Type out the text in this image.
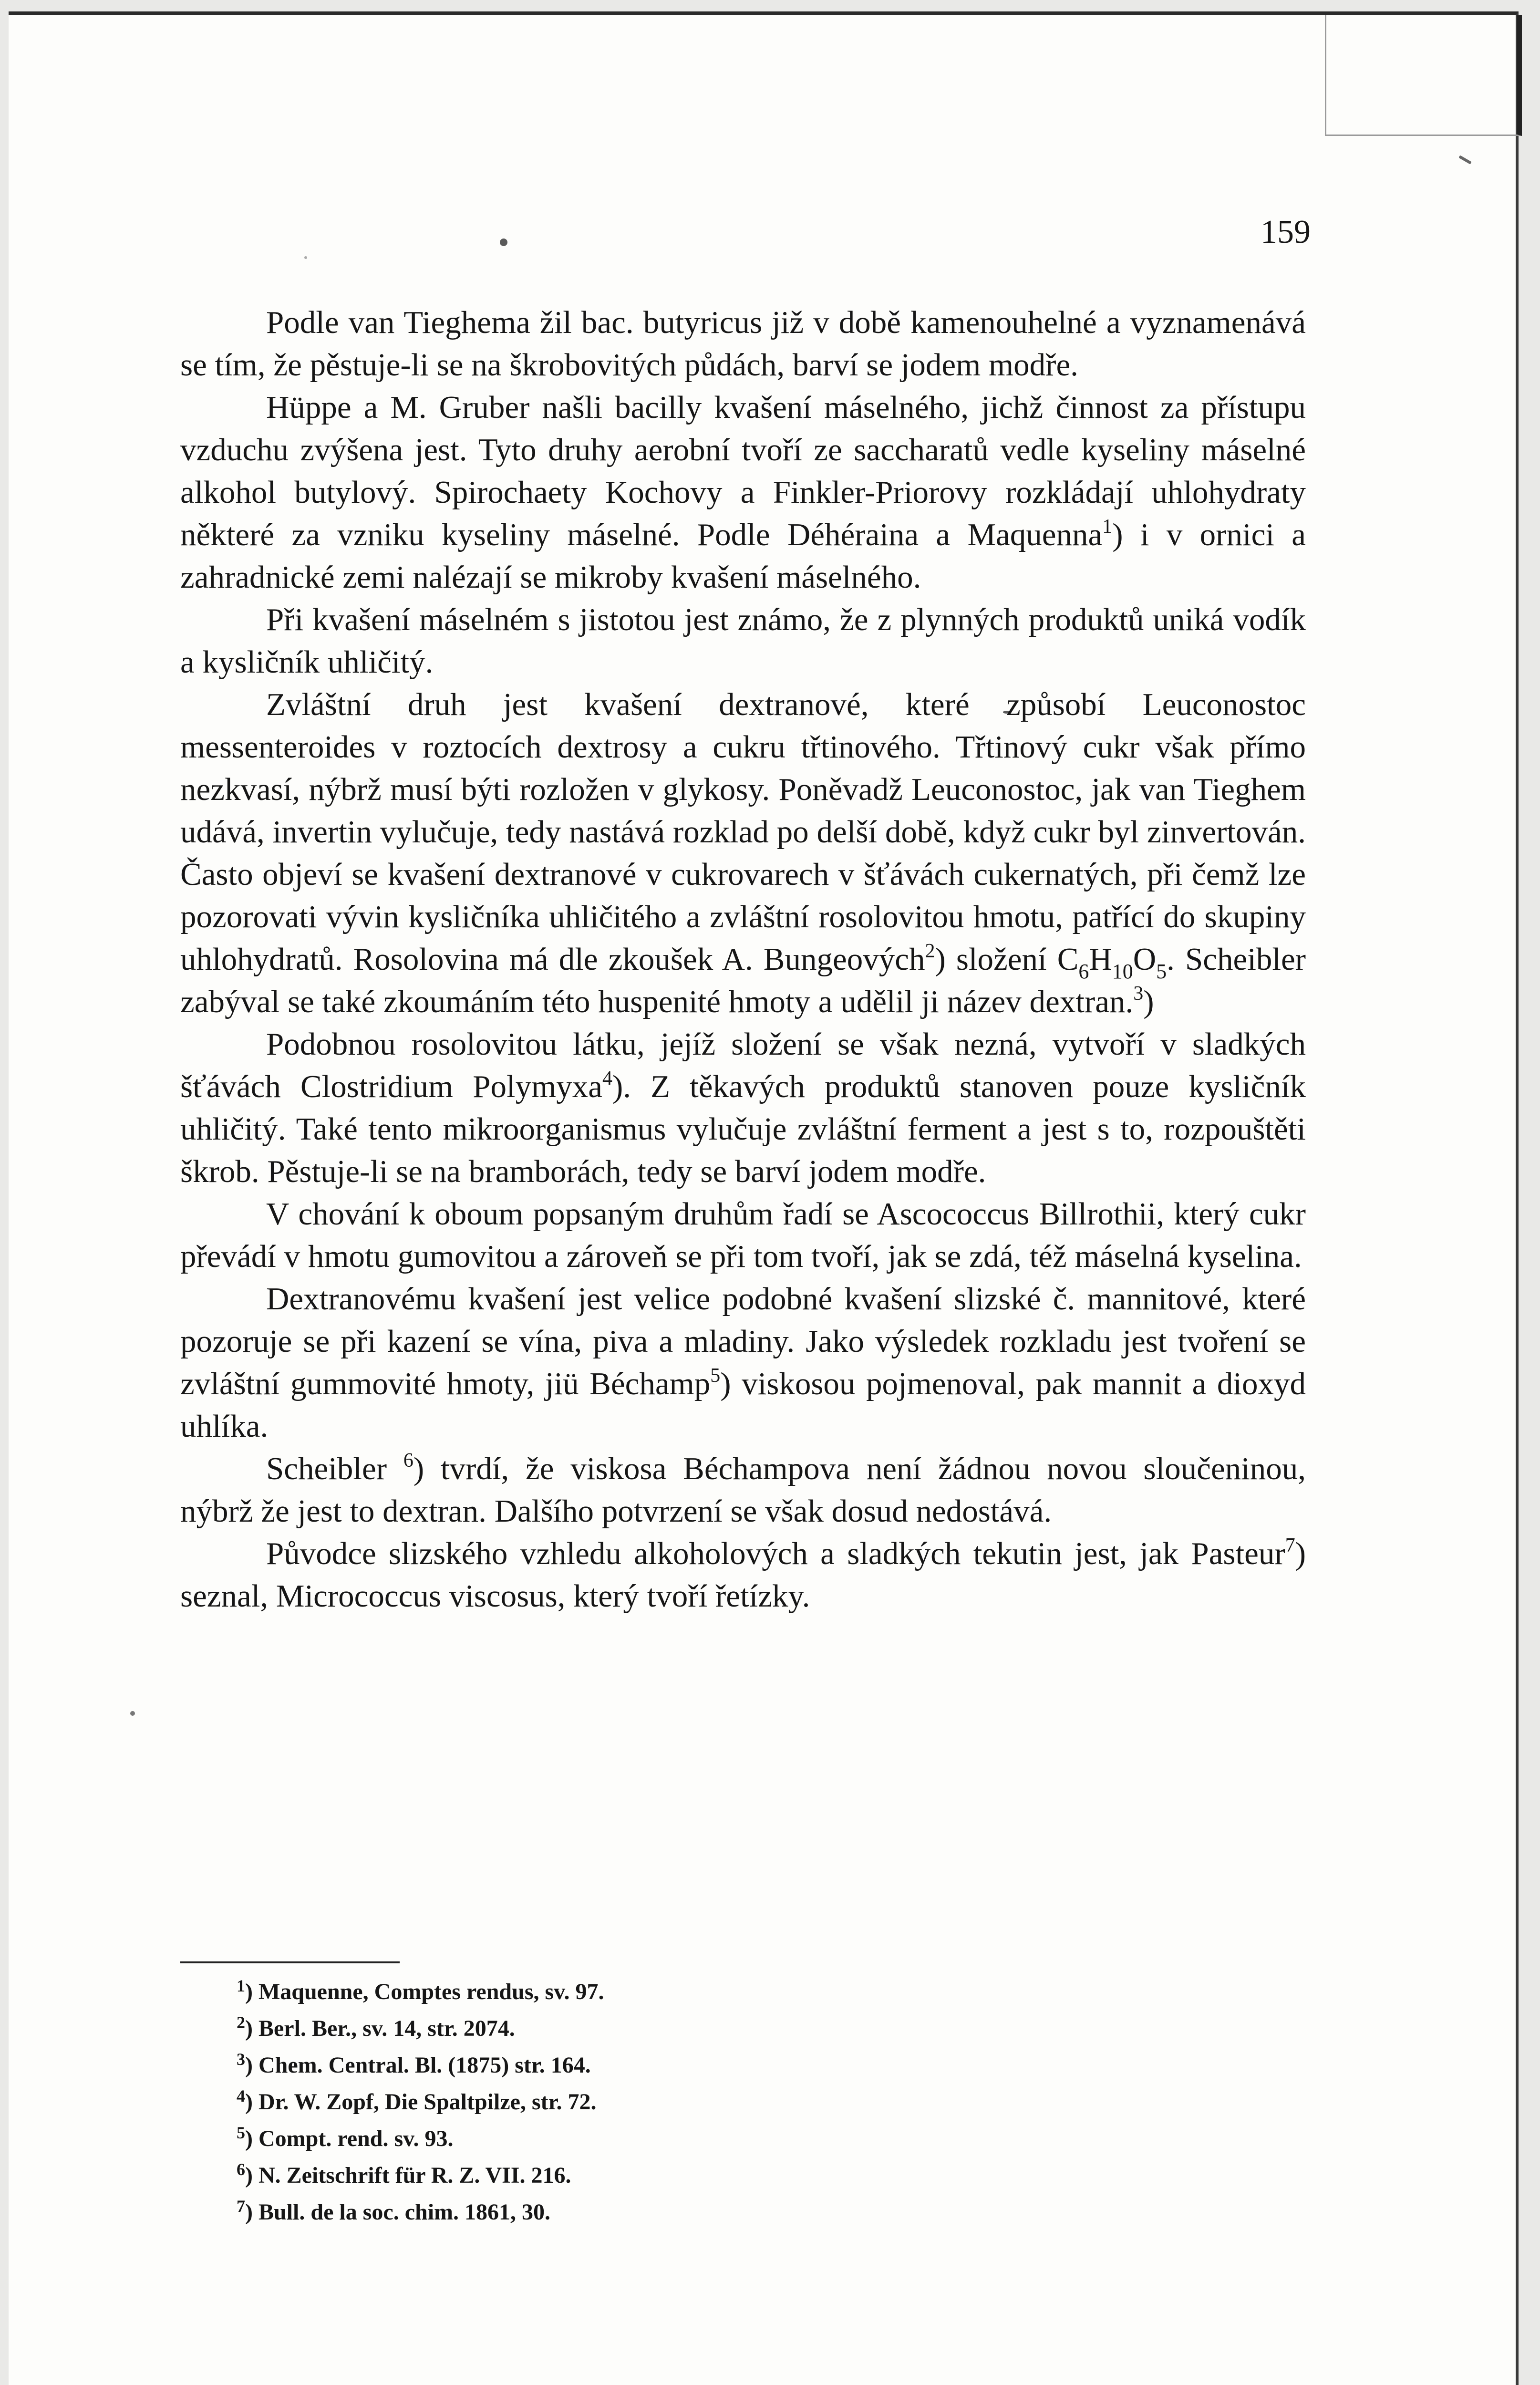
159

Podle van Tieghema žil bac. butyricus již v době kamenouhelné a vyznamenává se tím, že pěstuje-li se na škrobovitých půdách, barví se jodem modře.

Hüppe a M. Gruber našli bacilly kvašení máselného, jichž činnost za přístupu vzduchu zvýšena jest. Tyto druhy aerobní tvoří ze saccharatů vedle kyseliny máselné alkohol butylový. Spirochaety Kochovy a Finkler-Priorovy rozkládají uhlohydraty některé za vzniku kyseliny máselné. Podle Déhéraina a Maquenna$^1$) i v ornici a zahradnické zemi nalézají se mikroby kvašení máselného.

Při kvašení máselném s jistotou jest známo, že z plynných produktů uniká vodík a kysličník uhličitý.

Zvláštní druh jest kvašení dextranové, které způsobí Leuconostoc messenteroides v roztocích dextrosy a cukru třtinového. Třtinový cukr však přímo nezkvasí, nýbrž musí býti rozložen v glykosy. Poněvadž Leuconostoc, jak van Tieghem udává, invertin vylučuje, tedy nastává rozklad po delší době, když cukr byl zinvertován. Často objeví se kvašení dextranové v cukrovarech v šťávách cukernatých, při čemž lze pozorovati vývin kysličníka uhličitého a zvláštní rosolovitou hmotu, patřící do skupiny uhlohydratů. Rosolovina má dle zkoušek A. Bungeových$^2$) složení $C_6H_{10}O_5$. Scheibler zabýval se také zkoumáním této huspenité hmoty a udělil ji název dextran.$^3$)

Podobnou rosolovitou látku, jejíž složení se však nezná, vytvoří v sladkých šťávách Clostridium Polymyxa$^4$). Z těkavých produktů stanoven pouze kysličník uhličitý. Také tento mikroorganismus vylučuje zvláštní ferment a jest s to, rozpouštěti škrob. Pěstuje-li se na bramborách, tedy se barví jodem modře.

V chování k oboum popsaným druhům řadí se Ascococcus Billrothii, který cukr převádí v hmotu gumovitou a zároveň se při tom tvoří, jak se zdá, též máselná kyselina.

Dextranovému kvašení jest velice podobné kvašení slizské č. mannitové, které pozoruje se při kazení se vína, piva a mladiny. Jako výsledek rozkladu jest tvoření se zvláštní gummovité hmoty, jiü Béchamp$^5$) viskosou pojmenoval, pak mannit a dioxyd uhlíka.

Scheibler $^6$) tvrdí, že viskosa Béchampova není žádnou novou sloučeninou, nýbrž že jest to dextran. Dalšího potvrzení se však dosud nedostává.

Původce slizského vzhledu alkoholových a sladkých tekutin jest, jak Pasteur$^7$) seznal, Micrococcus viscosus, který tvoří řetízky.

$^1$) Maquenne, Comptes rendus, sv. 97.
$^2$) Berl. Ber., sv. 14, str. 2074.
$^3$) Chem. Central. Bl. (1875) str. 164.
$^4$) Dr. W. Zopf, Die Spaltpilze, str. 72.
$^5$) Compt. rend. sv. 93.
$^6$) N. Zeitschrift für R. Z. VII. 216.
$^7$) Bull. de la soc. chim. 1861, 30.
